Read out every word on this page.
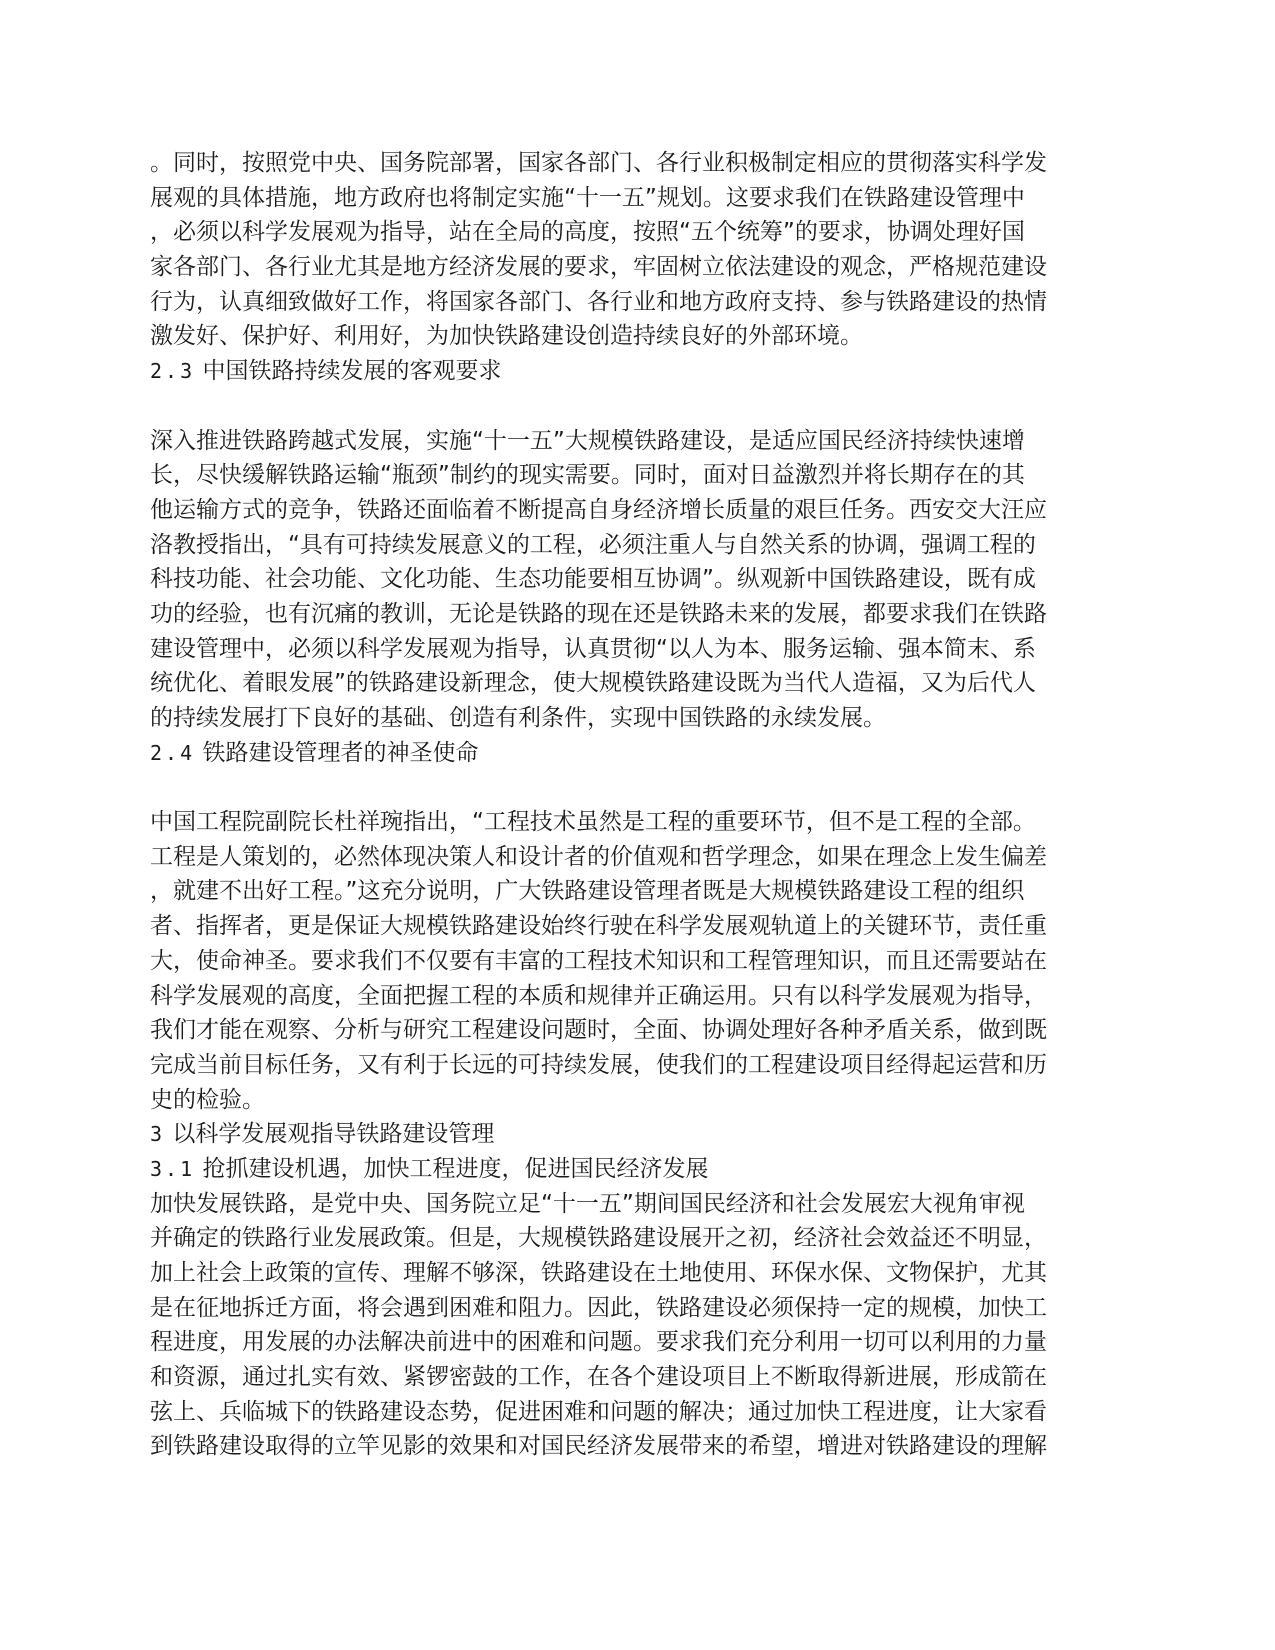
。同时，按照党中央、国务院部署，国家各部门、各行业积极制定相应的贯彻落实科学发
展观的具体措施，地方政府也将制定实施“十一五”规划。这要求我们在铁路建设管理中
，必须以科学发展观为指导，站在全局的高度，按照“五个统筹”的要求，协调处理好国
家各部门、各行业尤其是地方经济发展的要求，牢固树立依法建设的观念，严格规范建设
行为，认真细致做好工作，将国家各部门、各行业和地方政府支持、参与铁路建设的热情
激发好、保护好、利用好，为加快铁路建设创造持续良好的外部环境。
2.3 中国铁路持续发展的客观要求
深入推进铁路跨越式发展，实施“十一五”大规模铁路建设，是适应国民经济持续快速增
长，尽快缓解铁路运输“瓶颈”制约的现实需要。同时，面对日益激烈并将长期存在的其
他运输方式的竞争，铁路还面临着不断提高自身经济增长质量的艰巨任务。西安交大汪应
洛教授指出，“具有可持续发展意义的工程，必须注重人与自然关系的协调，强调工程的
科技功能、社会功能、文化功能、生态功能要相互协调”。纵观新中国铁路建设，既有成
功的经验，也有沉痛的教训，无论是铁路的现在还是铁路未来的发展，都要求我们在铁路
建设管理中，必须以科学发展观为指导，认真贯彻“以人为本、服务运输、强本简末、系
统优化、着眼发展”的铁路建设新理念，使大规模铁路建设既为当代人造福，又为后代人
的持续发展打下良好的基础、创造有利条件，实现中国铁路的永续发展。
2.4 铁路建设管理者的神圣使命
中国工程院副院长杜祥琬指出，“工程技术虽然是工程的重要环节，但不是工程的全部。
工程是人策划的，必然体现决策人和设计者的价值观和哲学理念，如果在理念上发生偏差
，就建不出好工程。”这充分说明，广大铁路建设管理者既是大规模铁路建设工程的组织
者、指挥者，更是保证大规模铁路建设始终行驶在科学发展观轨道上的关键环节，责任重
大，使命神圣。要求我们不仅要有丰富的工程技术知识和工程管理知识，而且还需要站在
科学发展观的高度，全面把握工程的本质和规律并正确运用。只有以科学发展观为指导，
我们才能在观察、分析与研究工程建设问题时，全面、协调处理好各种矛盾关系，做到既
完成当前目标任务，又有利于长远的可持续发展，使我们的工程建设项目经得起运营和历
史的检验。
3 以科学发展观指导铁路建设管理
3.1 抢抓建设机遇，加快工程进度，促进国民经济发展
加快发展铁路，是党中央、国务院立足“十一五”期间国民经济和社会发展宏大视角审视
并确定的铁路行业发展政策。但是，大规模铁路建设展开之初，经济社会效益还不明显，
加上社会上政策的宣传、理解不够深，铁路建设在土地使用、环保水保、文物保护，尤其
是在征地拆迁方面，将会遇到困难和阻力。因此，铁路建设必须保持一定的规模，加快工
程进度，用发展的办法解决前进中的困难和问题。要求我们充分利用一切可以利用的力量
和资源，通过扎实有效、紧锣密鼓的工作，在各个建设项目上不断取得新进展，形成箭在
弦上、兵临城下的铁路建设态势，促进困难和问题的解决；通过加快工程进度，让大家看
到铁路建设取得的立竿见影的效果和对国民经济发展带来的希望，增进对铁路建设的理解
